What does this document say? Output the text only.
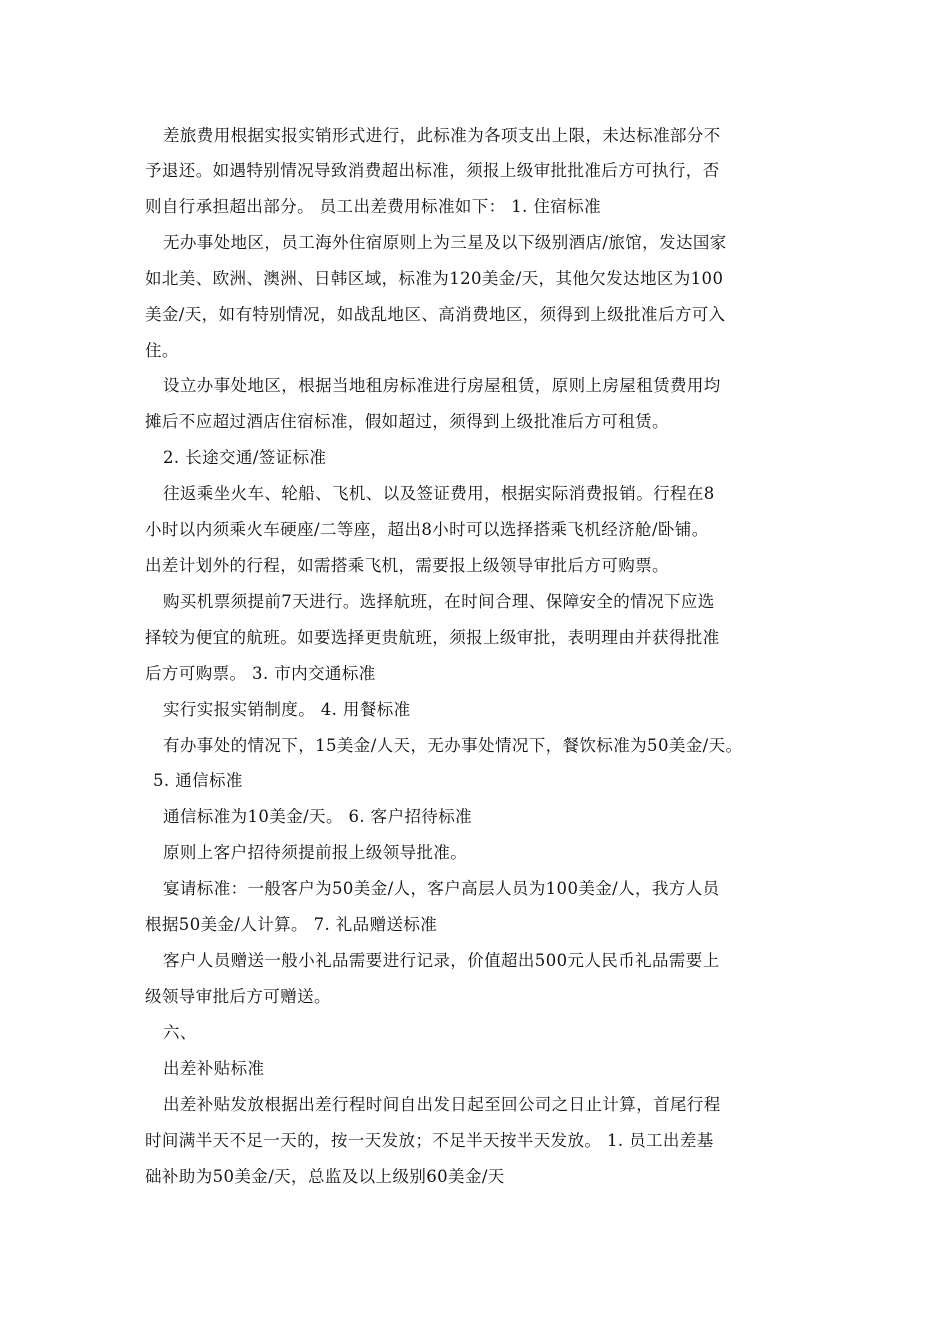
差旅费用根据实报实销形式进行，此标准为各项支出上限，未达标准部分不
予退还。如遇特别情况导致消费超出标准，须报上级审批批准后方可执行，否
则自行承担超出部分。 员工出差费用标准如下： 1. 住宿标准
无办事处地区，员工海外住宿原则上为三星及以下级别酒店/旅馆，发达国家
如北美、欧洲、澳洲、日韩区域，标准为120美金/天，其他欠发达地区为100
美金/天，如有特别情况，如战乱地区、高消费地区，须得到上级批准后方可入
住。
设立办事处地区，根据当地租房标准进行房屋租赁，原则上房屋租赁费用均
摊后不应超过酒店住宿标准，假如超过，须得到上级批准后方可租赁。
2. 长途交通/签证标准
往返乘坐火车、轮船、飞机、以及签证费用，根据实际消费报销。行程在8
小时以内须乘火车硬座/二等座，超出8小时可以选择搭乘飞机经济舱/卧铺。
出差计划外的行程，如需搭乘飞机，需要报上级领导审批后方可购票。
购买机票须提前7天进行。选择航班，在时间合理、保障安全的情况下应选
择较为便宜的航班。如要选择更贵航班，须报上级审批，表明理由并获得批准
后方可购票。 3. 市内交通标准
实行实报实销制度。 4. 用餐标准
有办事处的情况下，15美金/人天，无办事处情况下，餐饮标准为50美金/天。
5. 通信标准
通信标准为10美金/天。 6. 客户招待标准
原则上客户招待须提前报上级领导批准。
宴请标准：一般客户为50美金/人，客户高层人员为100美金/人，我方人员
根据50美金/人计算。 7. 礼品赠送标准
客户人员赠送一般小礼品需要进行记录，价值超出500元人民币礼品需要上
级领导审批后方可赠送。
六、
出差补贴标准
出差补贴发放根据出差行程时间自出发日起至回公司之日止计算，首尾行程
时间满半天不足一天的，按一天发放；不足半天按半天发放。 1. 员工出差基
础补助为50美金/天，总监及以上级别60美金/天
